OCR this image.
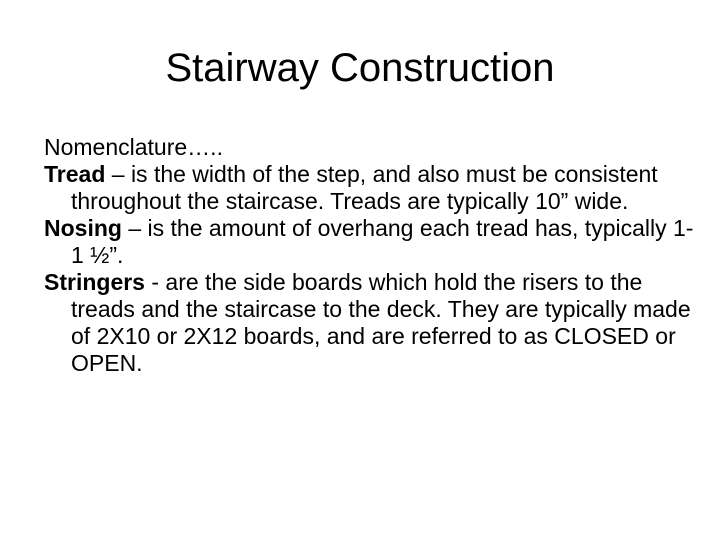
Stairway Construction

Nomenclature…..

Tread – is the width of the step, and also must be consistent throughout the staircase. Treads are typically 10” wide.

Nosing – is the amount of overhang each tread has, typically 1-1 ½”.

Stringers - are the side boards which hold the risers to the treads and the staircase to the deck. They are typically made of 2X10 or 2X12 boards, and are referred to as CLOSED or OPEN.
